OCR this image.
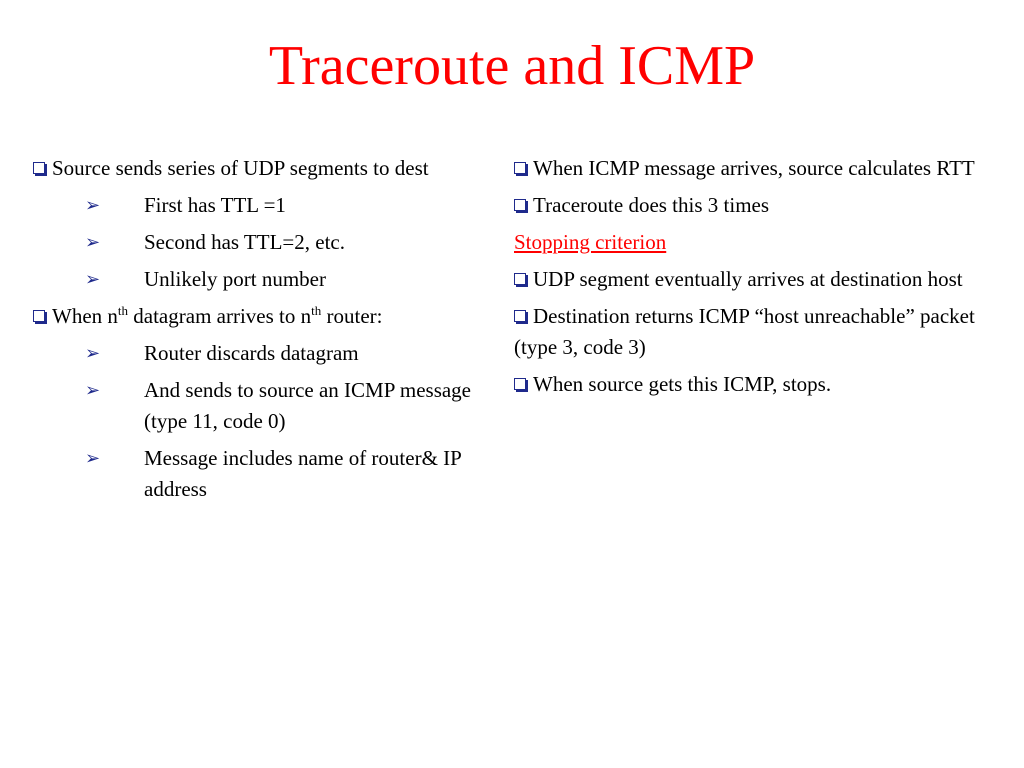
Traceroute and ICMP
Source sends series of UDP segments to dest
➢ First has TTL =1
➢ Second has TTL=2, etc.
➢ Unlikely port number
When $n^{th}$ datagram arrives to $n^{th}$ router:
➢ Router discards datagram
➢ And sends to source an ICMP message (type 11, code 0)
➢ Message includes name of router& IP address
When ICMP message arrives, source calculates RTT
Traceroute does this 3 times
Stopping criterion
UDP segment eventually arrives at destination host
Destination returns ICMP “host unreachable” packet (type 3, code 3)
When source gets this ICMP, stops.
